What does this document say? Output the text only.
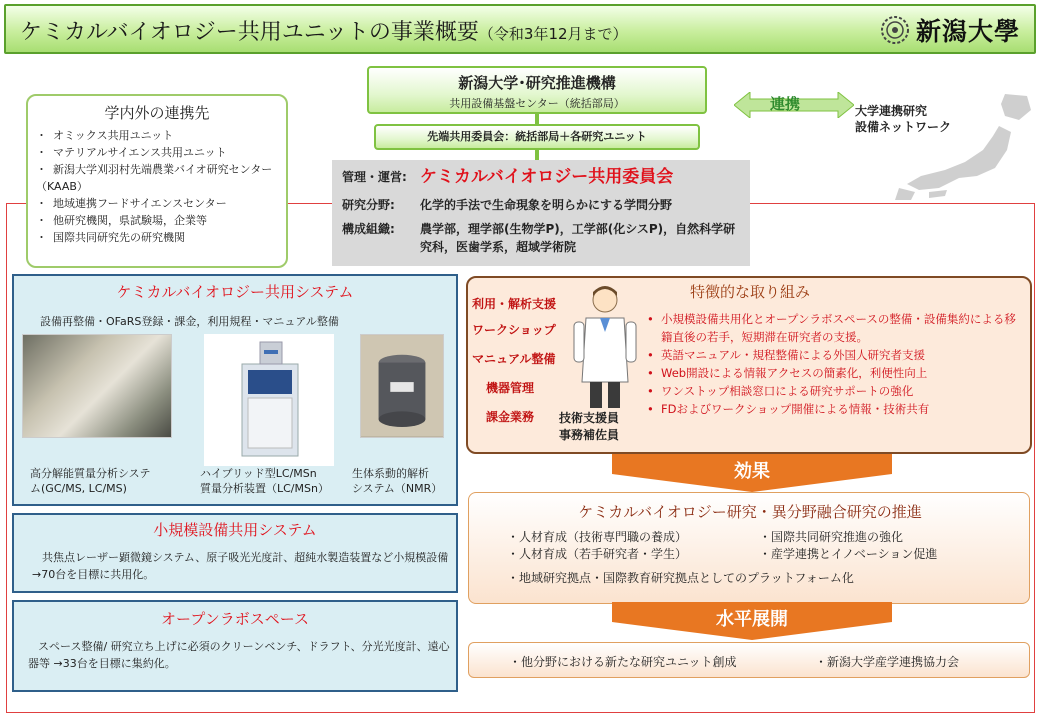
ケミカルバイオロジー共用ユニットの事業概要（令和3年12月まで）	新潟大學
新潟大学･研究推進機構
共用設備基盤センター（統括部局）
先端共用委員会：統括部局＋各研究ユニット
連携	大学連携研究
設備ネットワーク
学内外の連携先
・ オミックス共用ユニット
・ マテリアルサイエンス共用ユニット
・ 新潟大学刈羽村先端農業バイオ研究センター（KAAB）
・ 地域連携フードサイエンスセンター
・ 他研究機関，県試験場，企業等
・ 国際共同研究先の研究機関
管理・運営: ケミカルバイオロジー共用委員会
研究分野:	化学的手法で生命現象を明らかにする学問分野
構成組織:	農学部，理学部(生物学P)，工学部(化シスP)，自然科学研究科，医歯学系，超域学術院
ケミカルバイオロジー共用システム
設備再整備・OFaRS登録・課金，利用規程・マニュアル整備
高分解能質量分析システ
ム(GC/MS, LC/MS)
ハイブリッド型LC/MSn
質量分析装置（LC/MSn）
生体系動的解析
システム（NMR）
小規模設備共用システム
共焦点レーザー顕微鏡システム、原子吸光光度計、超純水製造装置など小規模設備→70台を目標に共用化。
オープンラボスペース
スペース整備/ 研究立ち上げに必須のクリーンベンチ、ドラフト、分光光度計、遠心器等 →33台を目標に集約化。
特徴的な取り組み
• 小規模設備共用化とオープンラボスペースの整備・設備集約による移籍直後の若手，短期滞在研究者の支援。
• 英語マニュアル・規程整備による外国人研究者支援
• Web開設による情報アクセスの簡素化，利便性向上
• ワンストップ相談窓口による研究サポートの強化
• FDおよびワークショップ開催による情報・技術共有
利用・解析支援
ワークショップ
マニュアル整備
機器管理
課金業務 技術支援員
事務補佐員
効果
ケミカルバイオロジー研究・異分野融合研究の推進
・ 人材育成（技術専門職の養成）
・ 人材育成（若手研究者・学生）
・ 国際共同研究推進の強化
・ 産学連携とイノベーション促進
・ 地域研究拠点・国際教育研究拠点としてのプラットフォーム化
水平展開
・ 他分野における新たな研究ユニット創成
・	新潟大学産学連携協力会
